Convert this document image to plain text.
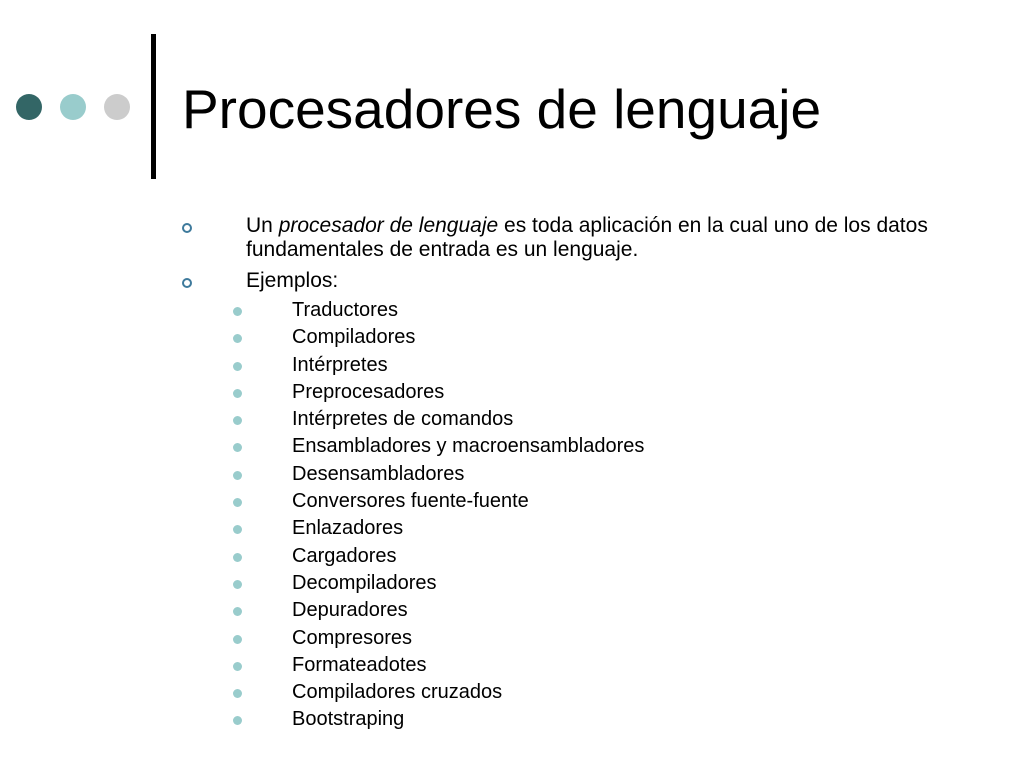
Procesadores de lenguaje
Un procesador de lenguaje es toda aplicación en la cual uno de los datos fundamentales de entrada es un lenguaje.
Ejemplos:
Traductores
Compiladores
Intérpretes
Preprocesadores
Intérpretes de comandos
Ensambladores y macroensambladores
Desensambladores
Conversores fuente-fuente
Enlazadores
Cargadores
Decompiladores
Depuradores
Compresores
Formateadotes
Compiladores cruzados
Bootstraping
